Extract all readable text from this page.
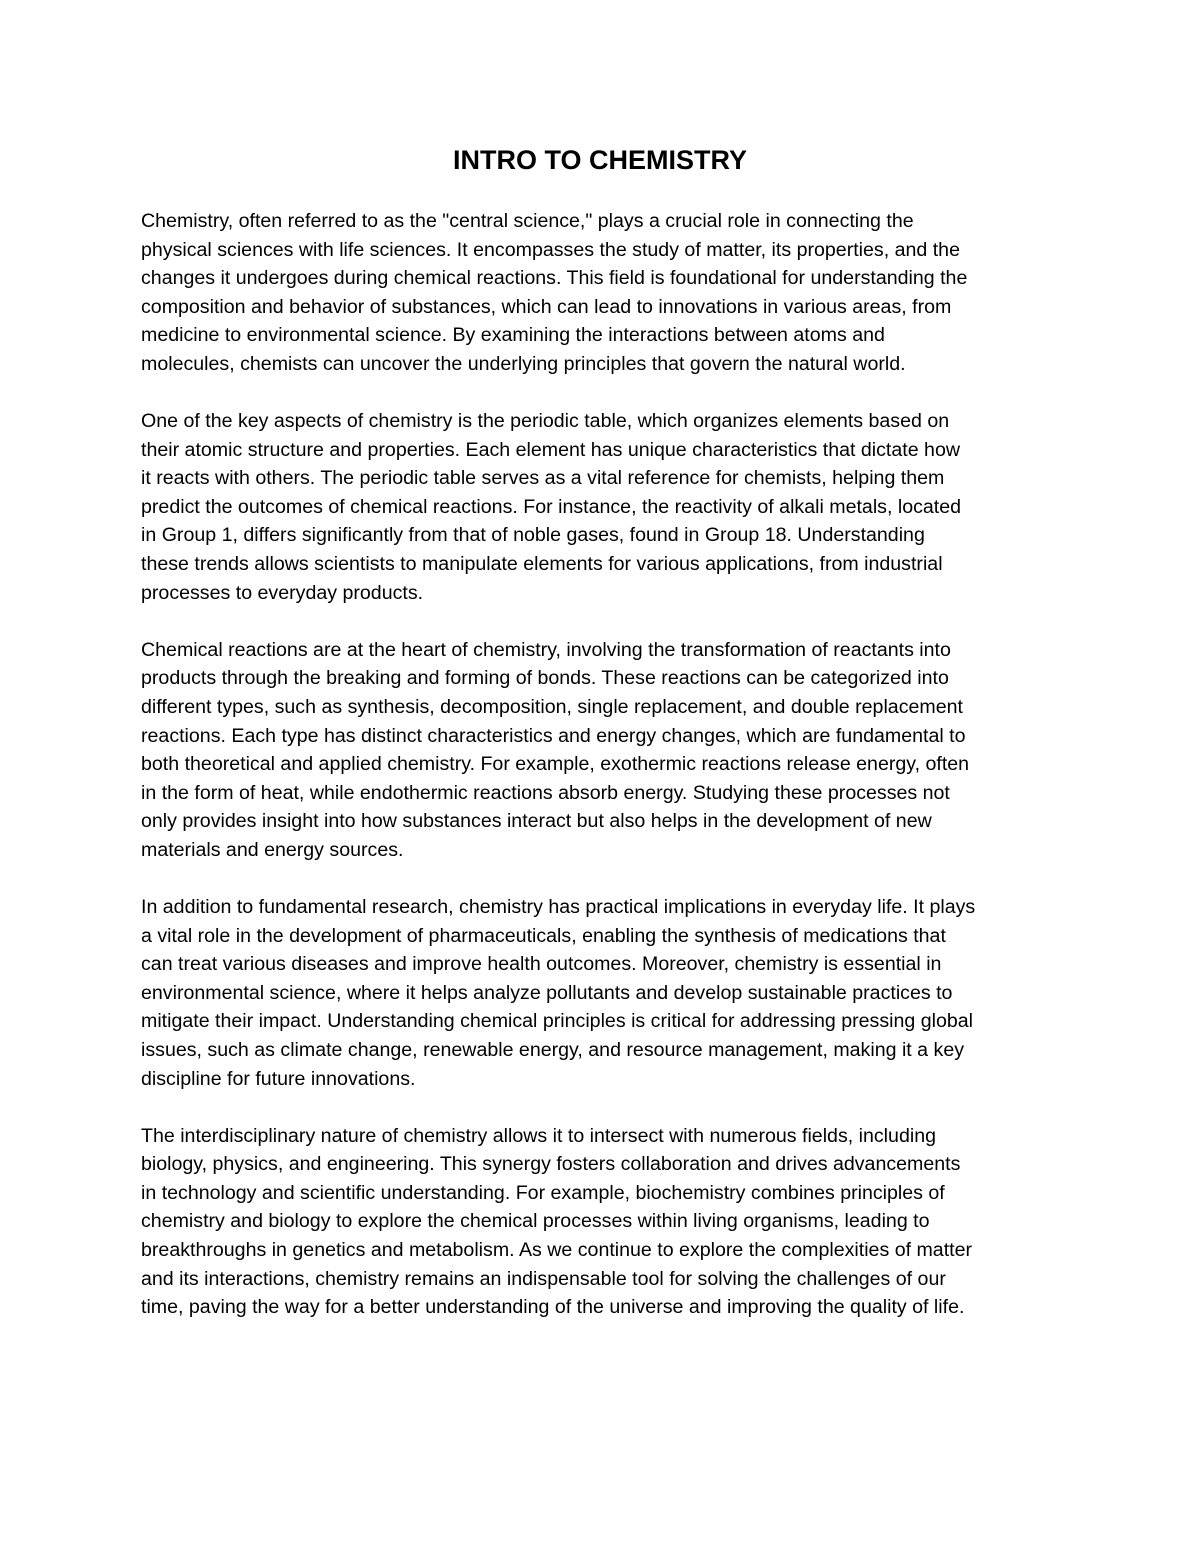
INTRO TO CHEMISTRY

Chemistry, often referred to as the "central science," plays a crucial role in connecting the
physical sciences with life sciences. It encompasses the study of matter, its properties, and the
changes it undergoes during chemical reactions. This field is foundational for understanding the
composition and behavior of substances, which can lead to innovations in various areas, from
medicine to environmental science. By examining the interactions between atoms and
molecules, chemists can uncover the underlying principles that govern the natural world.

One of the key aspects of chemistry is the periodic table, which organizes elements based on
their atomic structure and properties. Each element has unique characteristics that dictate how
it reacts with others. The periodic table serves as a vital reference for chemists, helping them
predict the outcomes of chemical reactions. For instance, the reactivity of alkali metals, located
in Group 1, differs significantly from that of noble gases, found in Group 18. Understanding
these trends allows scientists to manipulate elements for various applications, from industrial
processes to everyday products.

Chemical reactions are at the heart of chemistry, involving the transformation of reactants into
products through the breaking and forming of bonds. These reactions can be categorized into
different types, such as synthesis, decomposition, single replacement, and double replacement
reactions. Each type has distinct characteristics and energy changes, which are fundamental to
both theoretical and applied chemistry. For example, exothermic reactions release energy, often
in the form of heat, while endothermic reactions absorb energy. Studying these processes not
only provides insight into how substances interact but also helps in the development of new
materials and energy sources.

In addition to fundamental research, chemistry has practical implications in everyday life. It plays
a vital role in the development of pharmaceuticals, enabling the synthesis of medications that
can treat various diseases and improve health outcomes. Moreover, chemistry is essential in
environmental science, where it helps analyze pollutants and develop sustainable practices to
mitigate their impact. Understanding chemical principles is critical for addressing pressing global
issues, such as climate change, renewable energy, and resource management, making it a key
discipline for future innovations.

The interdisciplinary nature of chemistry allows it to intersect with numerous fields, including
biology, physics, and engineering. This synergy fosters collaboration and drives advancements
in technology and scientific understanding. For example, biochemistry combines principles of
chemistry and biology to explore the chemical processes within living organisms, leading to
breakthroughs in genetics and metabolism. As we continue to explore the complexities of matter
and its interactions, chemistry remains an indispensable tool for solving the challenges of our
time, paving the way for a better understanding of the universe and improving the quality of life.
